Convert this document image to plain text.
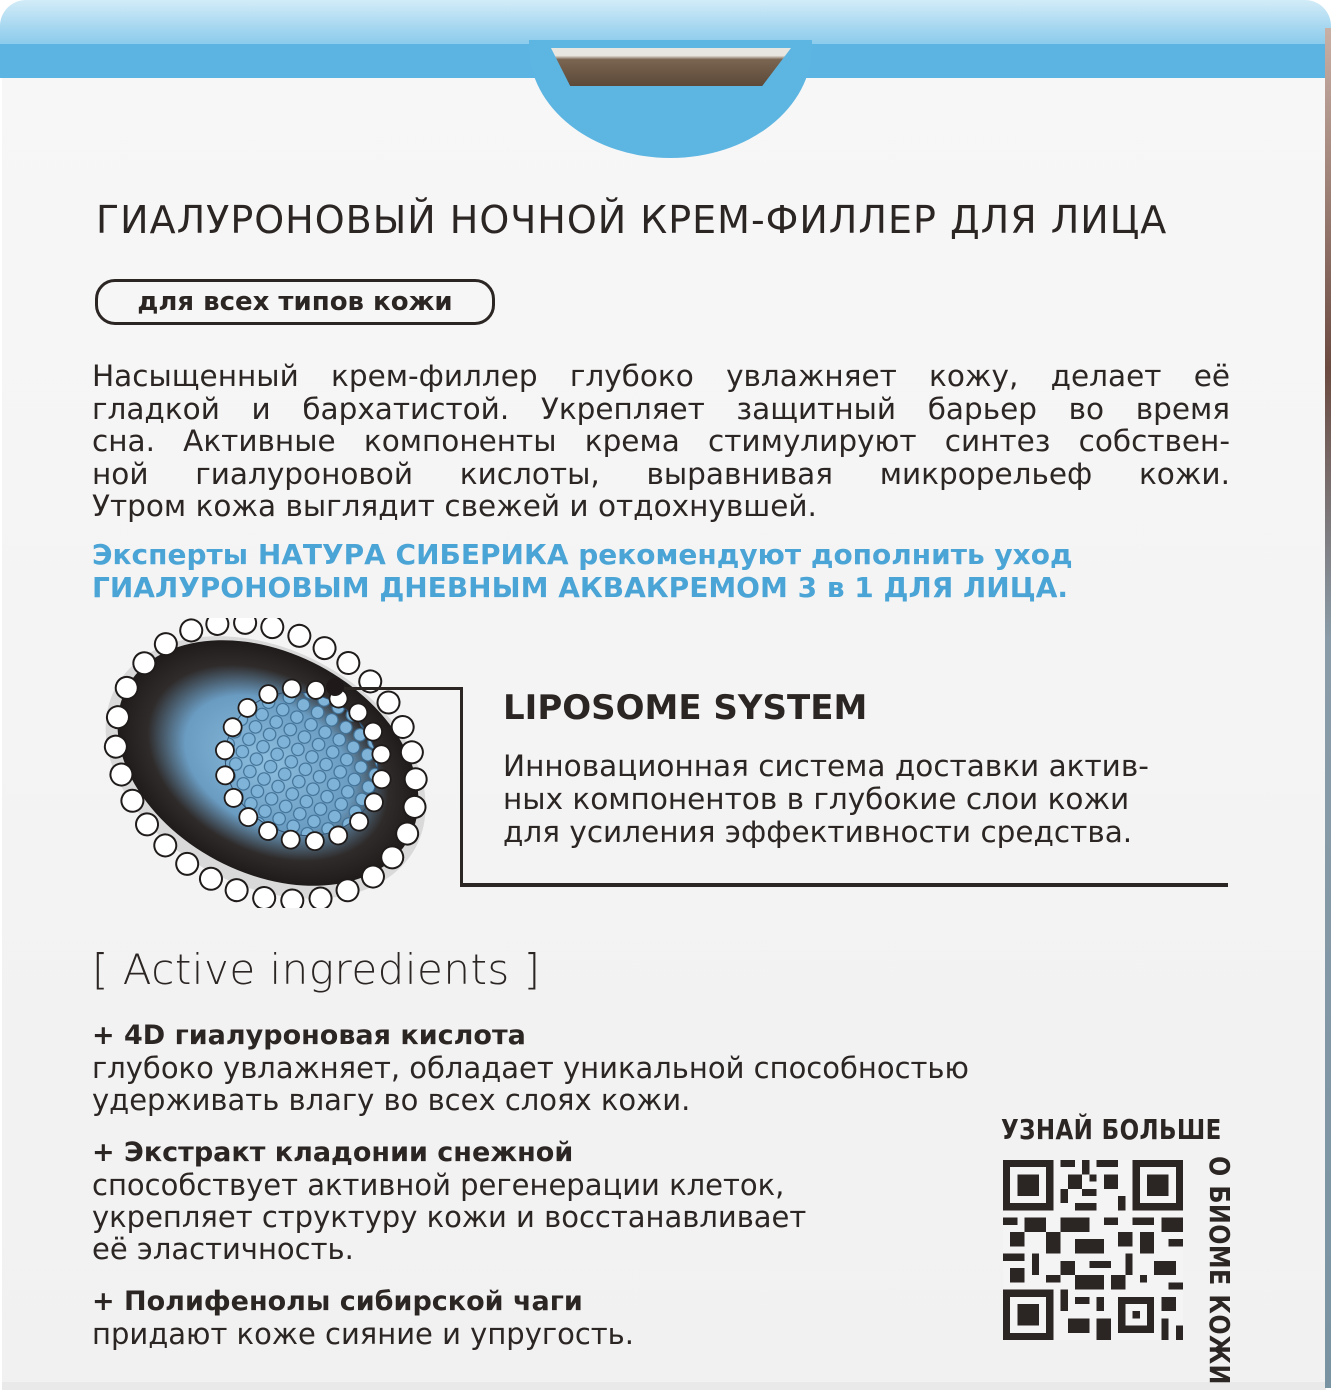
ГИАЛУРОНОВЫЙ НОЧНОЙ КРЕМ-ФИЛЛЕР ДЛЯ ЛИЦА
для всех типов кожи
Насыщенный крем-филлер глубоко увлажняет кожу, делает её
гладкой и бархатистой. Укрепляет защитный барьер во время
сна. Активные компоненты крема стимулируют синтез собствен-
ной гиалуроновой кислоты, выравнивая микрорельеф кожи.
Утром кожа выглядит свежей и отдохнувшей.
Эксперты НАТУРА СИБЕРИКА рекомендуют дополнить уход
ГИАЛУРОНОВЫМ ДНЕВНЫМ АКВАКРЕМОМ 3 в 1 ДЛЯ ЛИЦА.
LIPOSOME SYSTEM
Инновационная система доставки актив-
ных компонентов в глубокие слои кожи
для усиления эффективности средства.
[ Active ingredients ]
+ 4D гиалуроновая кислота
глубоко увлажняет, обладает уникальной способностью
удерживать влагу во всех слоях кожи.
+ Экстракт кладонии снежной
способствует активной регенерации клеток,
укрепляет структуру кожи и восстанавливает
её эластичность.
+ Полифенолы сибирской чаги
придают коже сияние и упругость.
УЗНАЙ БОЛЬШЕ
О БИОМЕ КОЖИ
